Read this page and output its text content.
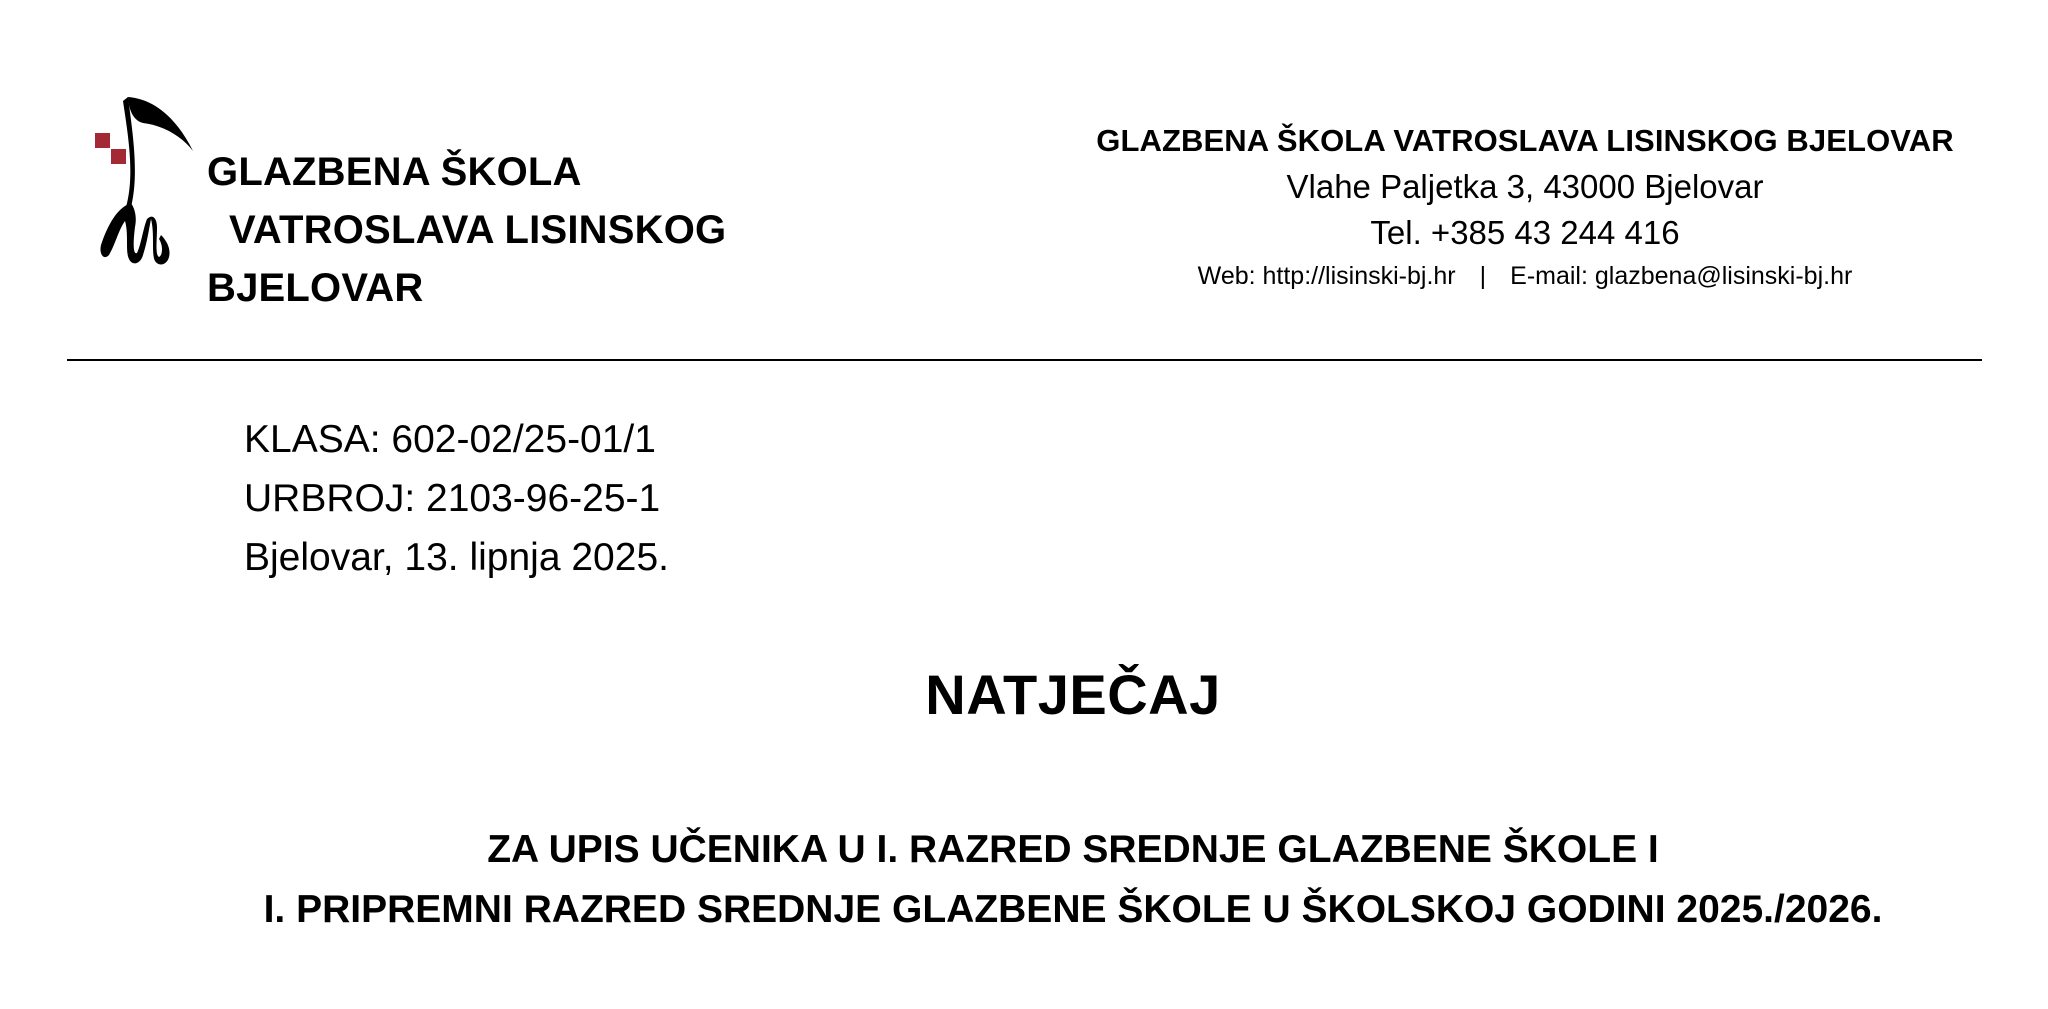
GLAZBENA ŠKOLA
VATROSLAVA LISINSKOG
BJELOVAR
GLAZBENA ŠKOLA VATROSLAVA LISINSKOG BJELOVAR
Vlahe Paljetka 3, 43000 Bjelovar
Tel. +385 43 244 416
Web: http://lisinski-bj.hr | E-mail: glazbena@lisinski-bj.hr
KLASA: 602-02/25-01/1
URBROJ: 2103-96-25-1
Bjelovar, 13. lipnja 2025.
NATJEČAJ
ZA UPIS UČENIKA U I. RAZRED SREDNJE GLAZBENE ŠKOLE I
I. PRIPREMNI RAZRED SREDNJE GLAZBENE ŠKOLE U ŠKOLSKOJ GODINI 2025./2026.
